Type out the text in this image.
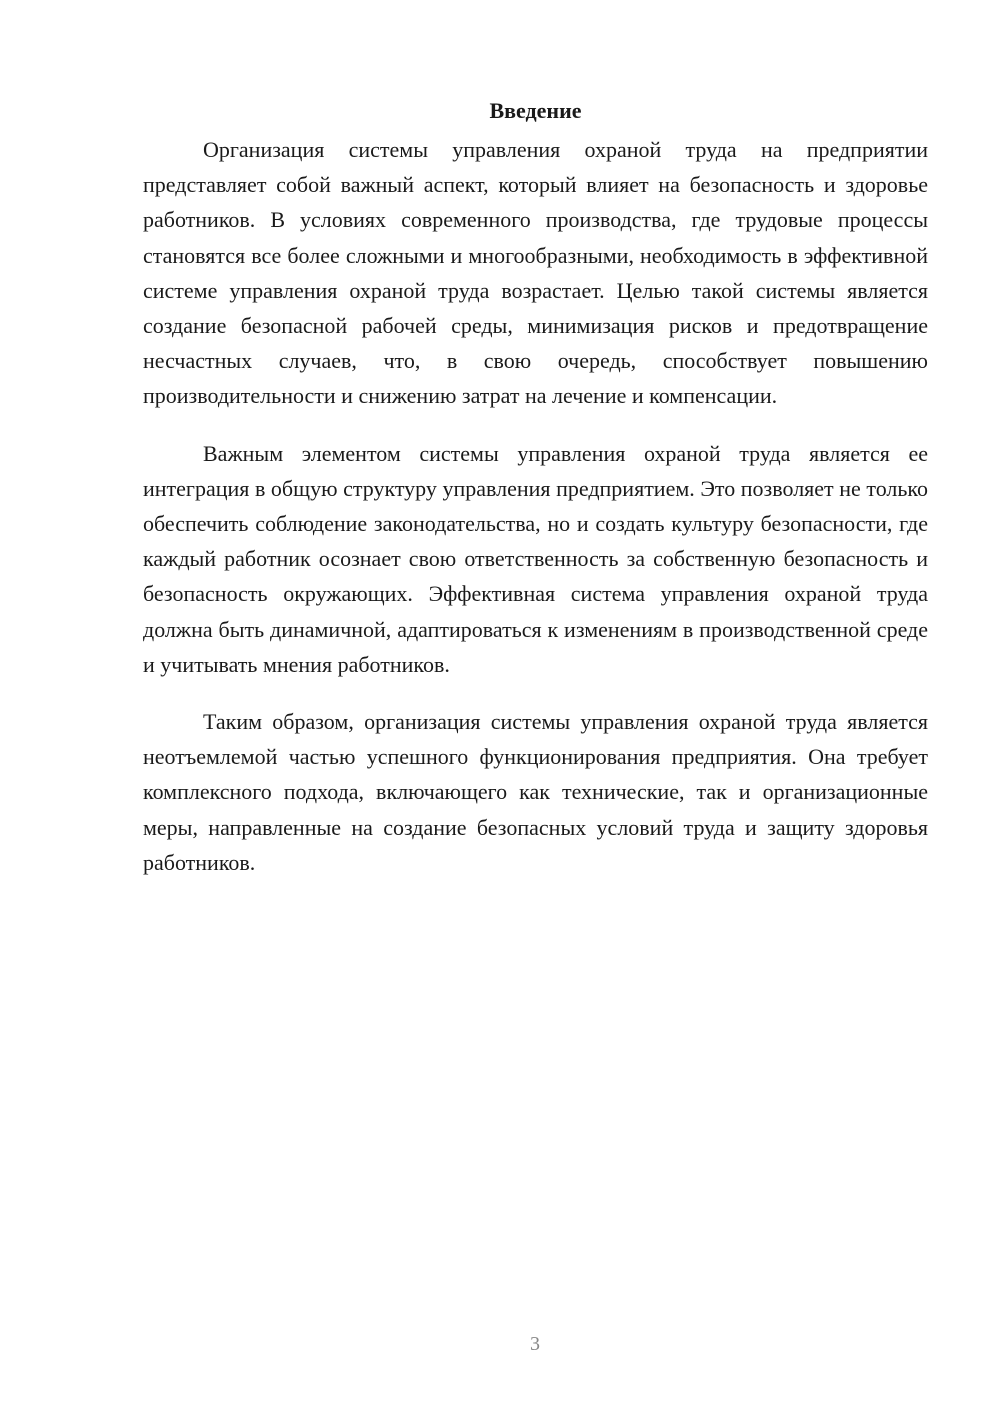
Введение

Организация системы управления охраной труда на предприятии представляет собой важный аспект, который влияет на безопасность и здоровье работников. В условиях современного производства, где трудовые процессы становятся все более сложными и многообразными, необходимость в эффективной системе управления охраной труда возрастает. Целью такой системы является создание безопасной рабочей среды, минимизация рисков и предотвращение несчастных случаев, что, в свою очередь, способствует повышению производительности и снижению затрат на лечение и компенсации.

Важным элементом системы управления охраной труда является ее интеграция в общую структуру управления предприятием. Это позволяет не только обеспечить соблюдение законодательства, но и создать культуру безопасности, где каждый работник осознает свою ответственность за собственную безопасность и безопасность окружающих. Эффективная система управления охраной труда должна быть динамичной, адаптироваться к изменениям в производственной среде и учитывать мнения работников.

Таким образом, организация системы управления охраной труда является неотъемлемой частью успешного функционирования предприятия. Она требует комплексного подхода, включающего как технические, так и организационные меры, направленные на создание безопасных условий труда и защиту здоровья работников.

3
